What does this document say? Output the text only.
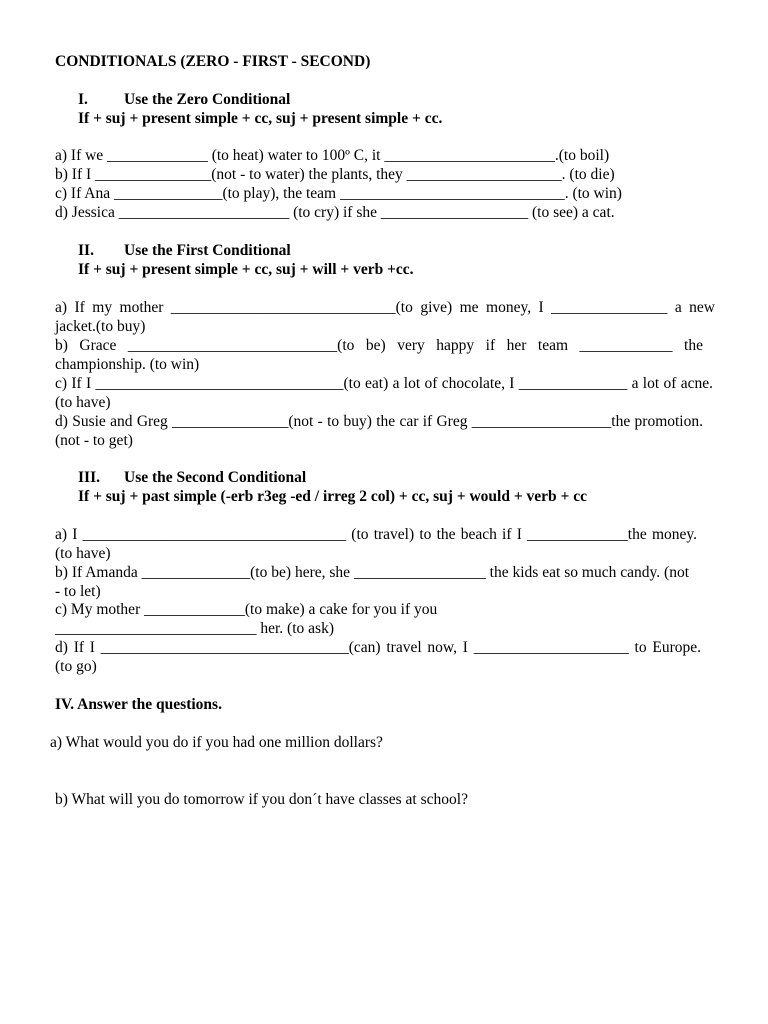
CONDITIONALS (ZERO - FIRST - SECOND)
I. Use the Zero Conditional
If + suj + present simple + cc, suj + present simple + cc.
a) If we _____________ (to heat) water to 100º C, it ______________________.(to boil)
b) If I _______________(not - to water) the plants, they ____________________. (to die)
c) If Ana ______________(to play), the team _____________________________. (to win)
d) Jessica ______________________ (to cry) if she ___________________ (to see) a cat.
II. Use the First Conditional
If + suj + present simple + cc, suj + will + verb +cc.
a) If my mother _____________________________(to give) me money, I _______________ a new jacket.(to buy)
b) Grace ___________________________(to be) very happy if her team ____________ the championship. (to win)
c) If I ________________________________(to eat) a lot of chocolate, I ______________ a lot of acne. (to have)
d) Susie and Greg _______________(not - to buy) the car if Greg __________________the promotion.(not - to get)
III. Use the Second Conditional
If + suj + past simple (-erb r3eg -ed / irreg 2 col) + cc, suj + would + verb + cc
a) I __________________________________ (to travel) to the beach if I _____________the money. (to have)
b) If Amanda ______________(to be) here, she _________________ the kids eat so much candy. (not - to let)
c) My mother _____________(to make) a cake for you if you __________________________ her. (to ask)
d) If I ________________________________(can) travel now, I ____________________ to Europe. (to go)
IV. Answer the questions.
a) What would you do if you had one million dollars?
b) What will you do tomorrow if you don´t have classes at school?
